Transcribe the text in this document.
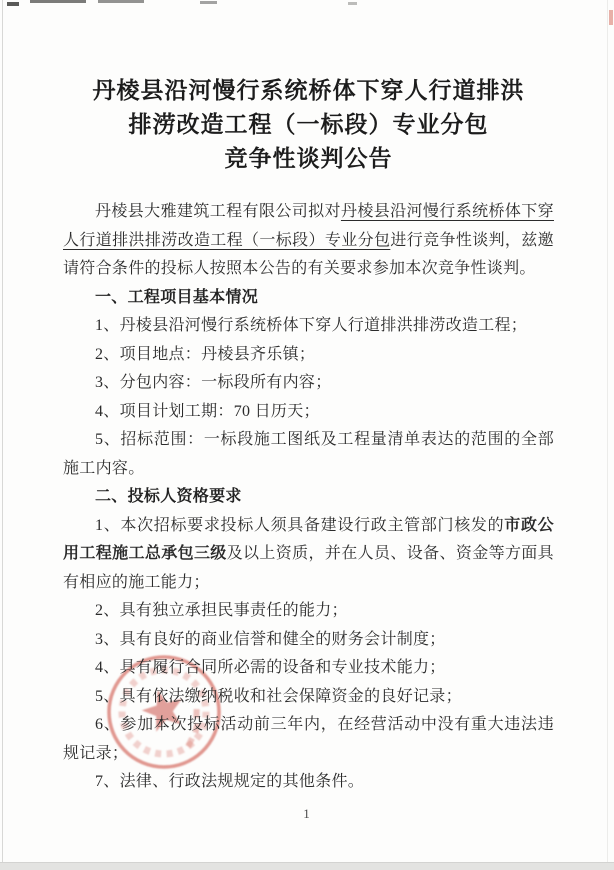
丹棱县沿河慢行系统桥体下穿人行道排洪
排涝改造工程（一标段）专业分包
竞争性谈判公告

丹棱县大雅建筑工程有限公司拟对丹棱县沿河慢行系统桥体下穿人行道排洪排涝改造工程（一标段）专业分包进行竞争性谈判，兹邀请符合条件的投标人按照本公告的有关要求参加本次竞争性谈判。

一、工程项目基本情况

1、丹棱县沿河慢行系统桥体下穿人行道排洪排涝改造工程；

2、项目地点：丹棱县齐乐镇；

3、分包内容：一标段所有内容；

4、项目计划工期：70 日历天；

5、招标范围：一标段施工图纸及工程量清单表达的范围的全部施工内容。

二、投标人资格要求

1、本次招标要求投标人须具备建设行政主管部门核发的市政公用工程施工总承包三级及以上资质，并在人员、设备、资金等方面具有相应的施工能力；

2、具有独立承担民事责任的能力；

3、具有良好的商业信誉和健全的财务会计制度；

4、具有履行合同所必需的设备和专业技术能力；

5、具有依法缴纳税收和社会保障资金的良好记录；

6、参加本次投标活动前三年内，在经营活动中没有重大违法违规记录；

7、法律、行政法规规定的其他条件。

1
